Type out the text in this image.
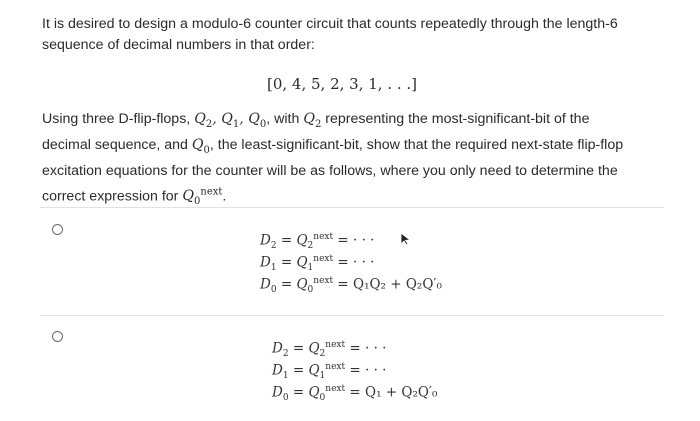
It is desired to design a modulo-6 counter circuit that counts repeatedly through the length-6 sequence of decimal numbers in that order:

[0, 4, 5, 2, 3, 1, . . .]

Using three D-flip-flops, $Q_2$, $Q_1$, $Q_0$, with $Q_2$ representing the most-significant-bit of the decimal sequence, and $Q_0$, the least-significant-bit, show that the required next-state flip-flop excitation equations for the counter will be as follows, where you only need to determine the correct expression for $Q_0^{next}$.

$D_2 = Q_2^{next}$ = · · ·
$D_1 = Q_1^{next}$ = · · ·
$D_0 = Q_0^{next} = Q_1Q_2 + Q_2Q'_0$
$D_2 = Q_2^{next}$ = · · ·
$D_1 = Q_1^{next}$ = · · ·
$D_0 = Q_0^{next} = Q_1 + Q_2Q'_0$
